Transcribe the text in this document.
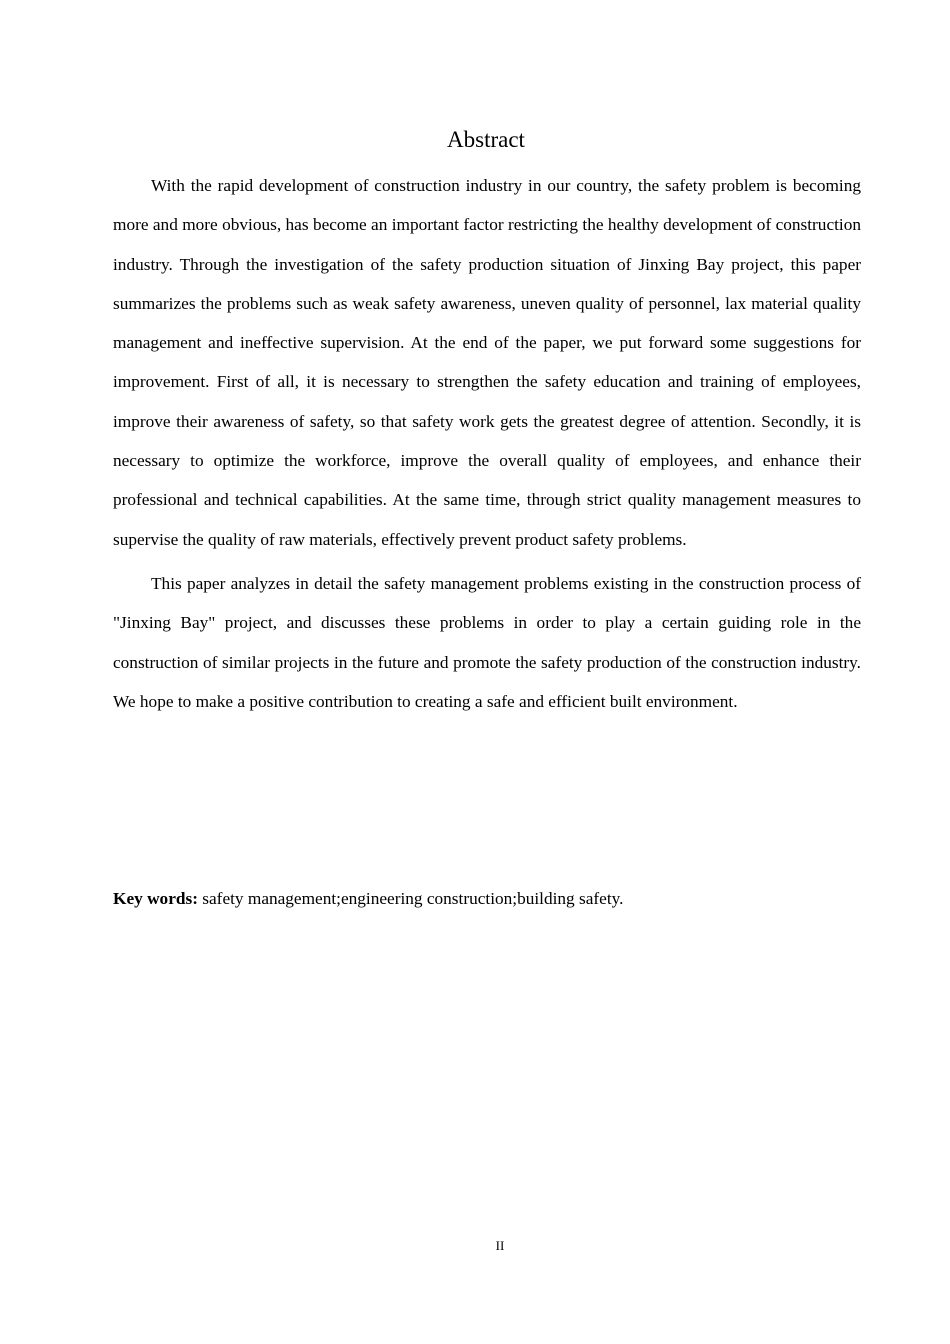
Abstract

With the rapid development of construction industry in our country, the safety problem is becoming more and more obvious, has become an important factor restricting the healthy development of construction industry. Through the investigation of the safety production situation of Jinxing Bay project, this paper summarizes the problems such as weak safety awareness, uneven quality of personnel, lax material quality management and ineffective supervision. At the end of the paper, we put forward some suggestions for improvement. First of all, it is necessary to strengthen the safety education and training of employees, improve their awareness of safety, so that safety work gets the greatest degree of attention. Secondly, it is necessary to optimize the workforce, improve the overall quality of employees, and enhance their professional and technical capabilities. At the same time, through strict quality management measures to supervise the quality of raw materials, effectively prevent product safety problems.

This paper analyzes in detail the safety management problems existing in the construction process of "Jinxing Bay" project, and discusses these problems in order to play a certain guiding role in the construction of similar projects in the future and promote the safety production of the construction industry. We hope to make a positive contribution to creating a safe and efficient built environment.

Key words: safety management;engineering construction;building safety.

II
